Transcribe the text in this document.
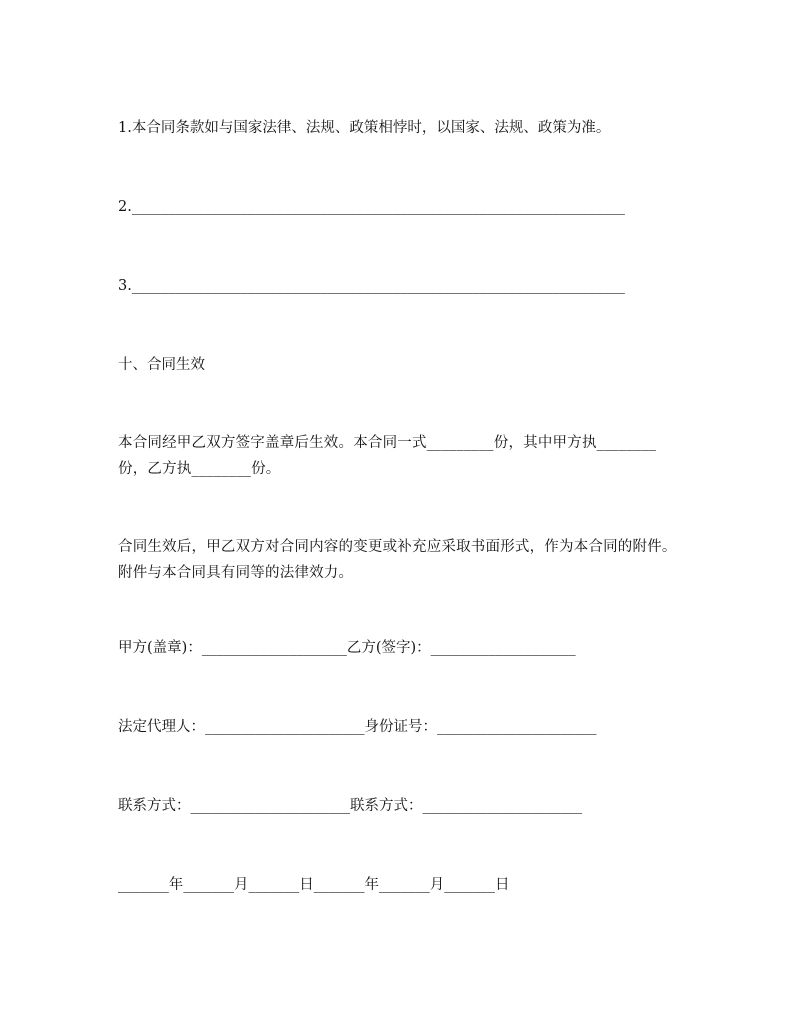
1.本合同条款如与国家法律、法规、政策相悖时，以国家、法规、政策为准。
2.____________________________________________________________________
3.____________________________________________________________________
十、合同生效
本合同经甲乙双方签字盖章后生效。本合同一式_________份，其中甲方执________份，乙方执________份。
合同生效后，甲乙双方对合同内容的变更或补充应采取书面形式，作为本合同的附件。附件与本合同具有同等的法律效力。
甲方(盖章)：____________________乙方(签字)：____________________
法定代理人：______________________身份证号：______________________
联系方式：______________________联系方式：______________________
_______年_______月_______日_______年_______月_______日
